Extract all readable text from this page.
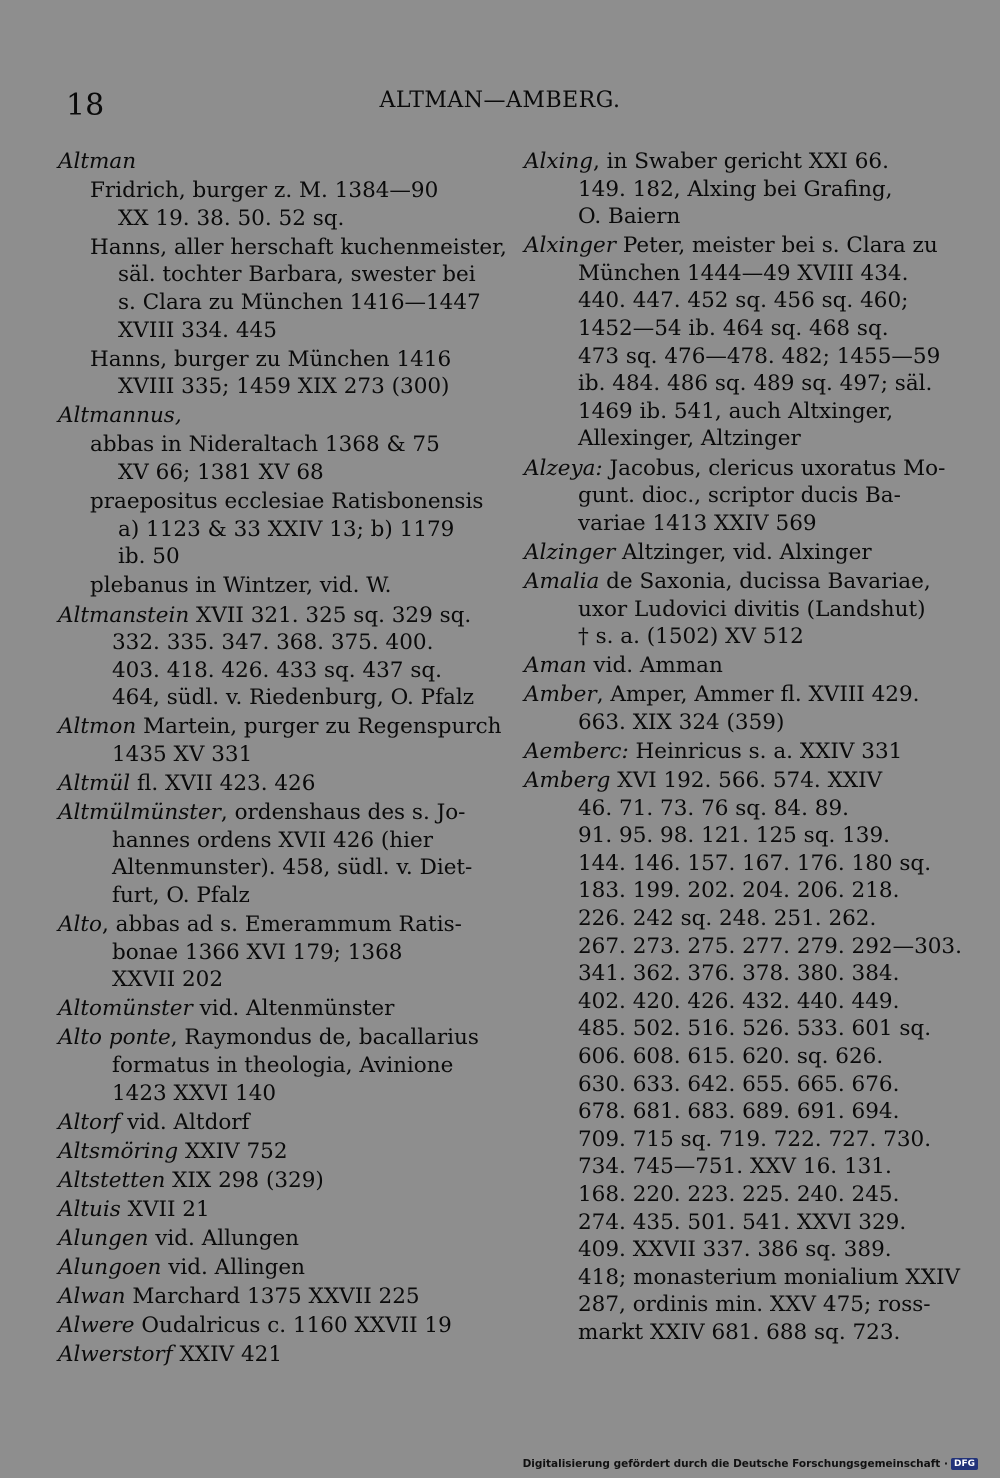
18	ALTMAN—AMBERG.
Altman
Fridrich, burger z. M. 1384—90
XX 19. 38. 50. 52 sq.
Hanns, aller herschaft kuchenmeister,
säl. tochter Barbara, swester bei
s. Clara zu München 1416—1447
XVIII 334. 445
Hanns, burger zu München 1416
XVIII 335; 1459 XIX 273 (300)
Altmannus,
abbas in Nideraltach 1368 & 75
XV 66; 1381 XV 68
praepositus ecclesiae Ratisbonensis
a) 1123 & 33 XXIV 13; b) 1179
ib. 50
plebanus in Wintzer, vid. W.
Altmanstein XVII 321. 325 sq. 329 sq.
332. 335. 347. 368. 375. 400.
403. 418. 426. 433 sq. 437 sq.
464, südl. v. Riedenburg, O. Pfalz
Altmon Martein, purger zu Regenspurch
1435 XV 331
Altmül fl. XVII 423. 426
Altmülmünster, ordenshaus des s. Jo-
hannes ordens XVII 426 (hier
Altenmunster). 458, südl. v. Diet-
furt, O. Pfalz
Alto, abbas ad s. Emerammum Ratis-
bonae 1366 XVI 179; 1368
XXVII 202
Altomünster vid. Altenmünster
Alto ponte, Raymondus de, bacallarius
formatus in theologia, Avinione
1423 XXVI 140
Altorf vid. Altdorf
Altsmöring XXIV 752
Altstetten XIX 298 (329)
Altuis XVII 21
Alungen vid. Allungen
Alungoen vid. Allingen
Alwan Marchard 1375 XXVII 225
Alwere Oudalricus c. 1160 XXVII 19
Alwerstorf XXIV 421
Alxing, in Swaber gericht XXI 66.
149. 182, Alxing bei Grafing,
O. Baiern
Alxinger Peter, meister bei s. Clara zu
München 1444—49 XVIII 434.
440. 447. 452 sq. 456 sq. 460;
1452—54 ib. 464 sq. 468 sq.
473 sq. 476—478. 482; 1455—59
ib. 484. 486 sq. 489 sq. 497; säl.
1469 ib. 541, auch Altxinger,
Allexinger, Altzinger
Alzeya: Jacobus, clericus uxoratus Mo-
gunt. dioc., scriptor ducis Ba-
variae 1413 XXIV 569
Alzinger Altzinger, vid. Alxinger
Amalia de Saxonia, ducissa Bavariae,
uxor Ludovici divitis (Landshut)
† s. a. (1502) XV 512
Aman vid. Amman
Amber, Amper, Ammer fl. XVIII 429.
663. XIX 324 (359)
Aemberc: Heinricus s. a. XXIV 331
Amberg XVI 192. 566. 574. XXIV
46. 71. 73. 76 sq. 84. 89.
91. 95. 98. 121. 125 sq. 139.
144. 146. 157. 167. 176. 180 sq.
183. 199. 202. 204. 206. 218.
226. 242 sq. 248. 251. 262.
267. 273. 275. 277. 279. 292—303.
341. 362. 376. 378. 380. 384.
402. 420. 426. 432. 440. 449.
485. 502. 516. 526. 533. 601 sq.
606. 608. 615. 620. sq. 626.
630. 633. 642. 655. 665. 676.
678. 681. 683. 689. 691. 694.
709. 715 sq. 719. 722. 727. 730.
734. 745—751. XXV 16. 131.
168. 220. 223. 225. 240. 245.
274. 435. 501. 541. XXVI 329.
409. XXVII 337. 386 sq. 389.
418; monasterium monialium XXIV
287, ordinis min. XXV 475; ross-
markt XXIV 681. 688 sq. 723.
Digitalisierung gefördert durch die Deutsche Forschungsgemeinschaft · DFG
